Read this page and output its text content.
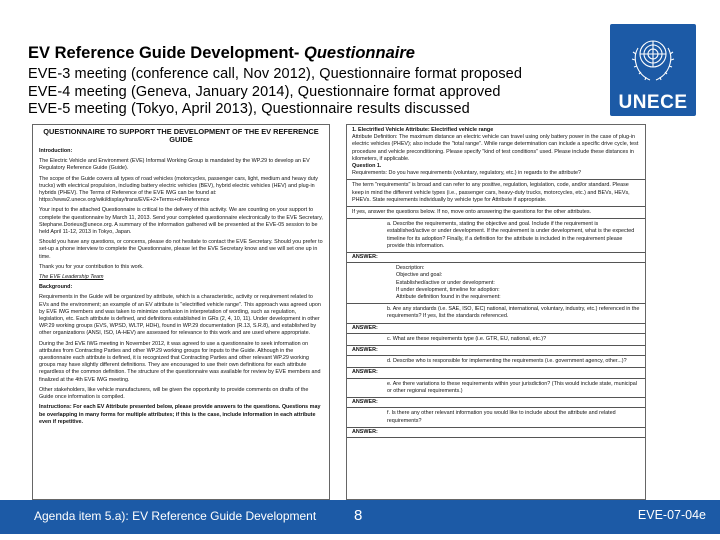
EV Reference Guide Development- Questionnaire
EVE-3 meeting (conference call, Nov 2012), Questionnaire format proposed
EVE-4 meeting (Geneva, January 2014), Questionnaire format approved
EVE-5 meeting (Tokyo, April 2013), Questionnaire results discussed	UNECE
QUESTIONNAIRE TO SUPPORT THE DEVELOPMENT OF THE EV REFERENCE GUIDE

Introduction:

The Electric Vehicle and Environment (EVE) Informal Working Group is mandated by the WP.29 to develop an EV Regulatory Reference Guide (Guide).

The scope of the Guide covers all types of road vehicles (motorcycles, passenger cars, light, medium and heavy duty trucks) with electrical propulsion, including battery electric vehicles (BEV), hybrid electric vehicles (HEV) and plug-in hybrids (PHEV). The Terms of Reference of the EVE IWG can be found at: https://www2.unece.org/wiki/display/trans/EVE+2+Terms+of+Reference

Your input to the attached Questionnaire is critical to the delivery of this activity. We are counting on your support to complete the questionnaire by March 11, 2013. Send your completed questionnaire electronically to the EVE Secretary, Stephane.Dorieux@unece.org. A summary of the information gathered will be presented at the EVE-05 session to be held April 11-12, 2013 in Tokyo, Japan.

Should you have any questions, or concerns, please do not hesitate to contact the EVE Secretary. Should you prefer to set-up a phone interview to complete the Questionnaire, please let the EVE Secretary know and we will set one up in time.

Thank you for your contribution to this work.

The EVE Leadership Team

Background:

Requirements in the Guide will be organized by attribute, which is a characteristic, activity or requirement related to EVs and the environment; an example of an EV attribute is "electrified vehicle range". This approach was agreed upon by EVE IWG members and was taken to minimize confusion in interpretation of wording, such as regulation, legislation, etc. Each attribute is defined, and definitions established in GRs (2, 4, 10, 11). Under development in other WP.29 working groups (EVS, WPSD, WLTP, HDH), found in WP.29 documentation (R.13, S.R.8), and established by other organizations (ANSI, ISO, IA-HEV) are assessed for relevance to this work and are used where appropriate.

During the 3rd EVE IWG meeting in November 2012, it was agreed to use a questionnaire to seek information on attributes from Contracting Parties and other WP.29 working groups for inputs to the Guide. Although in the questionnaire each attribute is defined, it is recognized that Contracting Parties and other relevant WP.29 working groups may have slightly different definitions. They are encouraged to use their own definitions for each attribute regardless of the common definition. The structure of the questionnaire was available for review by EVE members and finalized at the 4th EVE IWG meeting.

Other stakeholders, like vehicle manufacturers, will be given the opportunity to provide comments on drafts of the Guide once information is compiled.

Instructions: For each EV Attribute presented below, please provide answers to the questions. Questions may be overlapping in many forms for multiple attributes; if this is the case, include information in each attribute even if repetitive.

1. Electrified Vehicle Attribute: Electrified vehicle range
Attribute Definition: The maximum distance an electric vehicle can travel using only battery power in the case of plug-in electric vehicles (PHEV); also include the "total range". While range determination can include a specific drive cycle, test procedure and vehicle preconditioning. Please specify "kind of test conditions" used. Please include these distances in kilometers, if applicable.
Question 1.
Requirements: Do you have requirements (voluntary, regulatory, etc.) in regards to the attribute?
The term "requirements" is broad and can refer to any positive, regulation, legislation, code, and/or standard. Please keep in mind the different vehicle types (i.e., passenger cars, heavy-duty trucks, motorcycles, etc.) and BEVs, HEVs, PHEVs. State requirements individually by vehicle type for Attribute if appropriate.
If yes, answer the questions below. If no, move onto answering the questions for the other attributes.
a. Describe the requirements, stating the objective and goal. Include if the requirement is established/active or under development. If the requirement is under development, what is the expected timeline for its adoption? Finally, if a definition for the attribute is included in the requirement please provide this information.
ANSWER:
Description:
Objective and goal:
Established/active or under development:
If under development, timeline for adoption:
Attribute definition found in the requirement:
b. Are any standards (i.e. SAE, ISO, IEC) national, international, voluntary, industry, etc.) referenced in the requirements? If yes, list the standards referenced.
ANSWER:
c. What are these requirements type (i.e. GTR, EU, national, etc.)?
ANSWER:
d. Describe who is responsible for implementing the requirements (i.e. government agency, other...)?
ANSWER:
e. Are there variations to these requirements within your jurisdiction? (This would include state, municipal or other regional requirements.)
ANSWER:
f. Is there any other relevant information you would like to include about the attribute and related requirements?
ANSWER:
Agenda item 5.a): EV Reference Guide Development	8	EVE-07-04e
